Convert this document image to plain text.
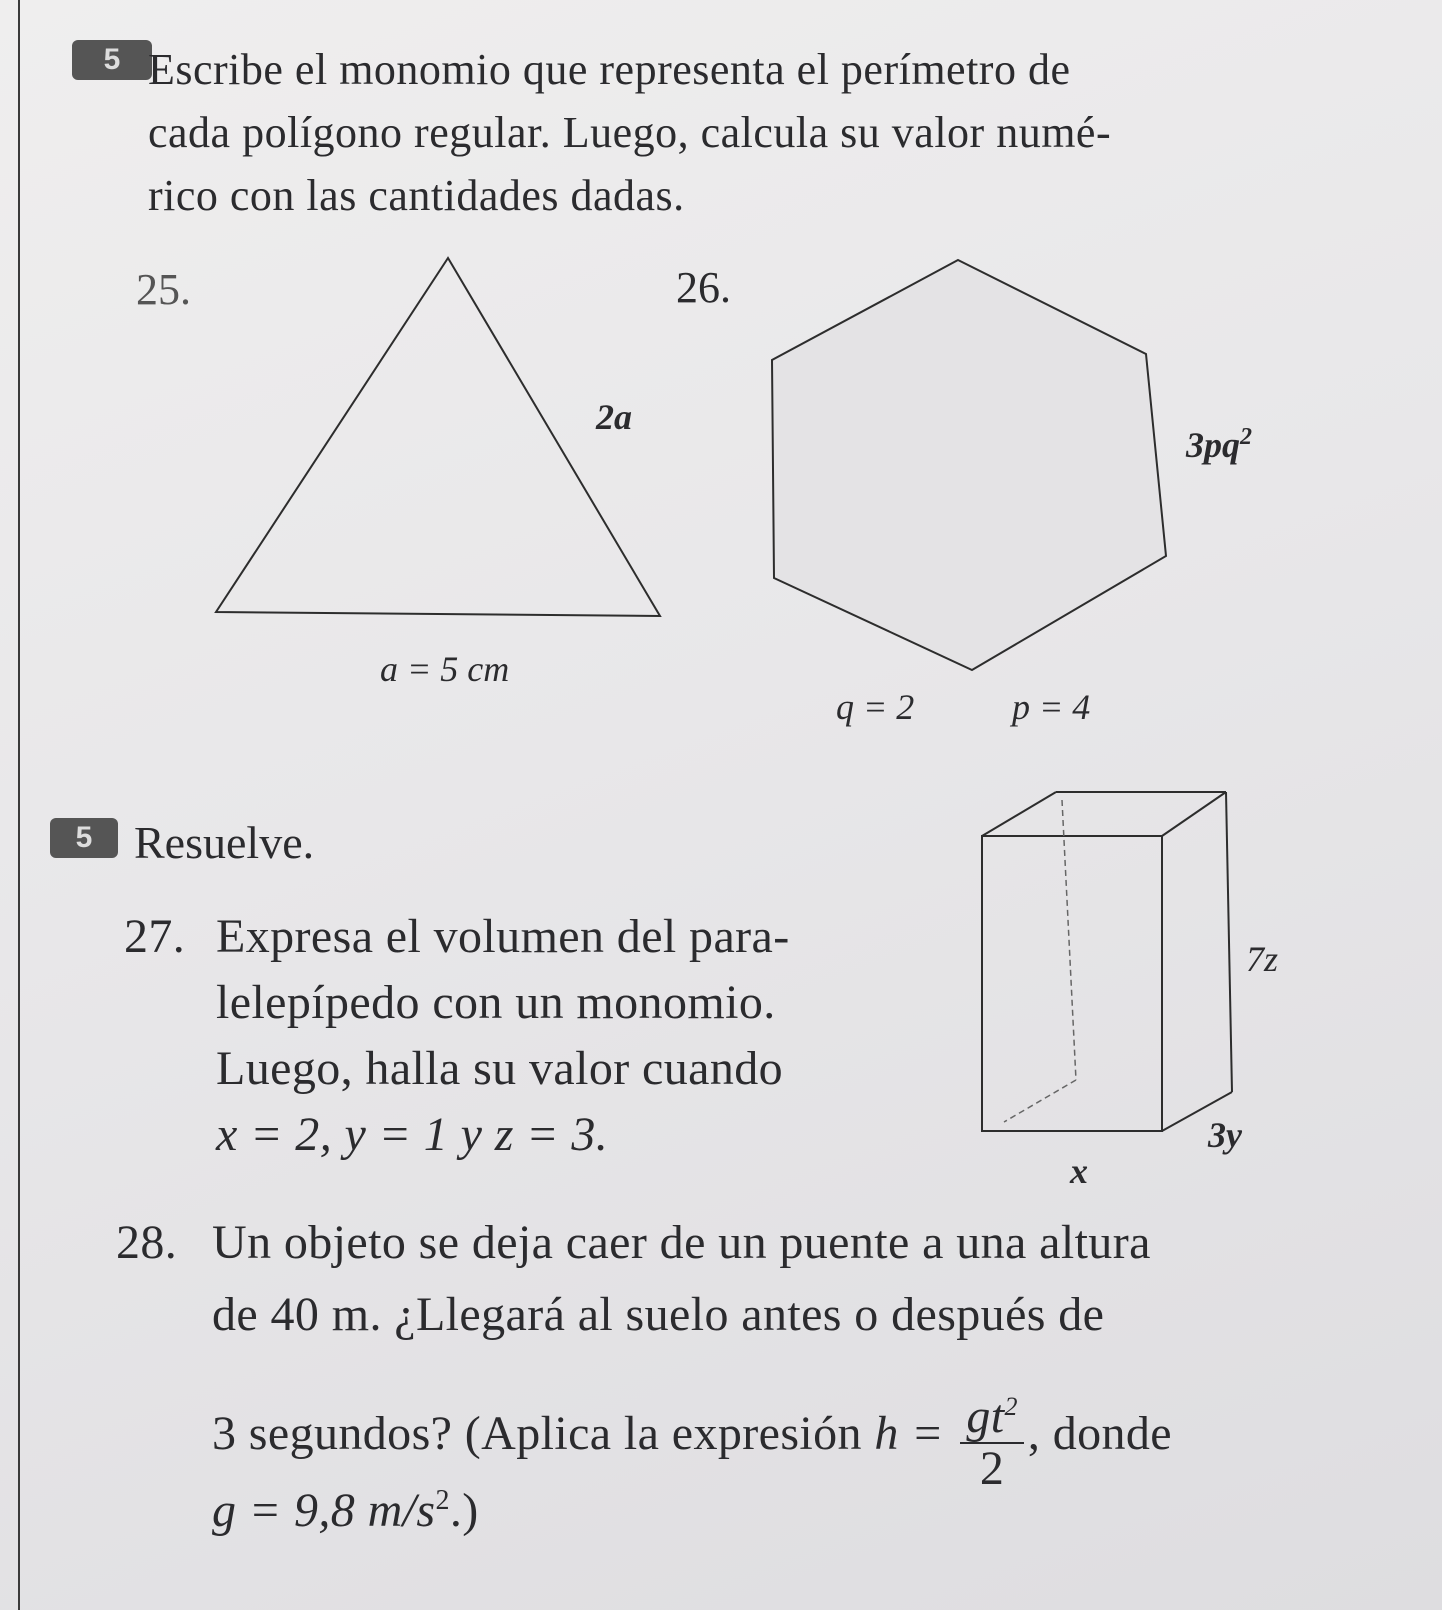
5 Escribe el monomio que representa el perímetro de
cada polígono regular. Luego, calcula su valor numé-
rico con las cantidades dadas.
25.
2a
a = 5 cm
26.
$3pq^2$
q = 2	p = 4
5 Resuelve.
27. Expresa el volumen del para-
lelepípedo con un monomio.
Luego, halla su valor cuando
x = 2, y = 1 y z = 3.
7z
3y
x
28. Un objeto se deja caer de un puente a una altura
de 40 m. ¿Llegará al suelo antes o después de
3 segundos? (Aplica la expresión $h = \frac{gt^2}{2}$ , donde
g = 9,8 $m/s^2$.)
